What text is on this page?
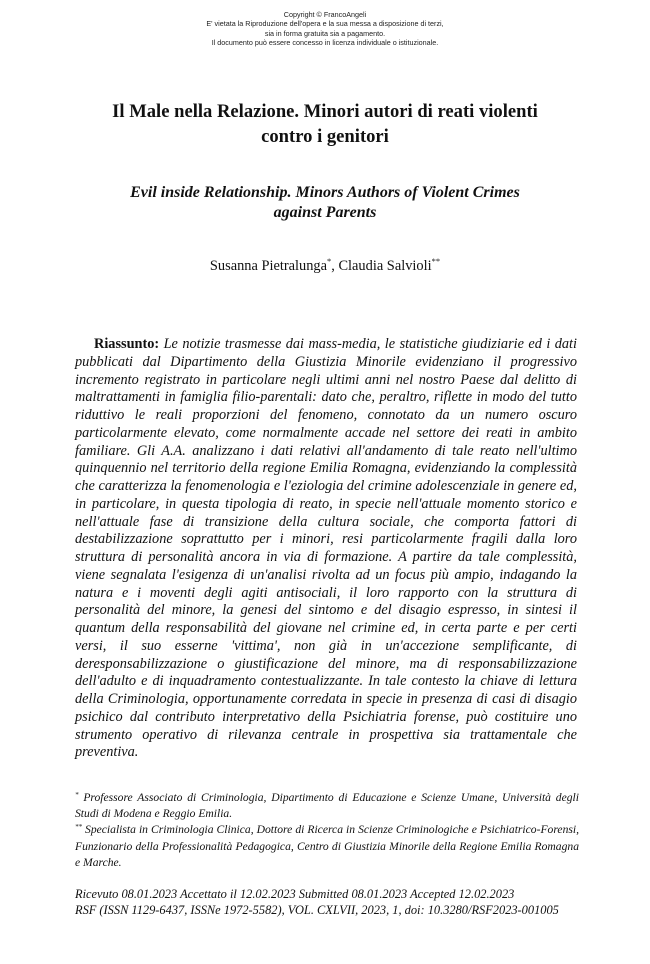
Copyright © FrancoAngeli
E' vietata la Riproduzione dell'opera e la sua messa a disposizione di terzi,
sia in forma gratuita sia a pagamento.
Il documento può essere concesso in licenza individuale o istituzionale.
Il Male nella Relazione. Minori autori di reati violenti
contro i genitori
Evil inside Relationship. Minors Authors of Violent Crimes
against Parents
Susanna Pietralunga*, Claudia Salvioli**
Riassunto: Le notizie trasmesse dai mass-media, le statistiche giudiziarie ed i dati pubblicati dal Dipartimento della Giustizia Minorile evidenziano il progressivo incremento registrato in particolare negli ultimi anni nel nostro Paese dal delitto di maltrattamenti in famiglia filio-parentali: dato che, peraltro, riflette in modo del tutto riduttivo le reali proporzioni del fenomeno, connotato da un numero oscuro particolarmente elevato, come normalmente accade nel settore dei reati in ambito familiare. Gli A.A. analizzano i dati relativi all'andamento di tale reato nell'ultimo quinquennio nel territorio della regione Emilia Romagna, evidenziando la complessità che caratterizza la fenomenologia e l'eziologia del crimine adolescenziale in genere ed, in particolare, in questa tipologia di reato, in specie nell'attuale momento storico e nell'attuale fase di transizione della cultura sociale, che comporta fattori di destabilizzazione soprattutto per i minori, resi particolarmente fragili dalla loro struttura di personalità ancora in via di formazione. A partire da tale complessità, viene segnalata l'esigenza di un'analisi rivolta ad un focus più ampio, indagando la natura e i moventi degli agiti antisociali, il loro rapporto con la struttura di personalità del minore, la genesi del sintomo e del disagio espresso, in sintesi il quantum della responsabilità del giovane nel crimine ed, in certa parte e per certi versi, il suo esserne 'vittima', non già in un'accezione semplificante, di deresponsabilizzazione o giustificazione del minore, ma di responsabilizzazione dell'adulto e di inquadramento contestualizzante. In tale contesto la chiave di lettura della Criminologia, opportunamente corredata in specie in presenza di casi di disagio psichico dal contributo interpretativo della Psichiatria forense, può costituire uno strumento operativo di rilevanza centrale in prospettiva sia trattamentale che preventiva.

* Professore Associato di Criminologia, Dipartimento di Educazione e Scienze Umane, Università degli Studi di Modena e Reggio Emilia.

** Specialista in Criminologia Clinica, Dottore di Ricerca in Scienze Criminologiche e Psichiatrico-Forensi, Funzionario della Professionalità Pedagogica, Centro di Giustizia Minorile della Regione Emilia Romagna e Marche.

Ricevuto 08.01.2023 Accettato il 12.02.2023 Submitted 08.01.2023 Accepted 12.02.2023
RSF (ISSN 1129-6437, ISSNe 1972-5582), VOL. CXLVII, 2023, 1, doi: 10.3280/RSF2023-001005
